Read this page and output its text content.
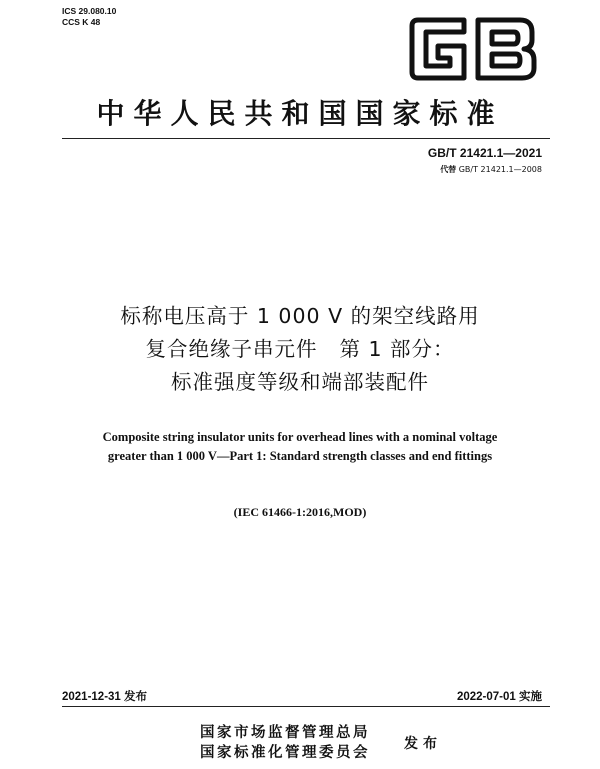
ICS 29.080.10
CCS K 48
中华人民共和国国家标准
GB/T 21421.1—2021
代替 GB/T 21421.1—2008
标称电压高于 1 000 V 的架空线路用
复合绝缘子串元件 第 1 部分：
标准强度等级和端部装配件
Composite string insulator units for overhead lines with a nominal voltage
greater than 1 000 V—Part 1: Standard strength classes and end fittings
(IEC 61466-1:2016,MOD)
2021-12-31 发布	2022-07-01 实施
国家市场监督管理总局
国家标准化管理委员会 发布
